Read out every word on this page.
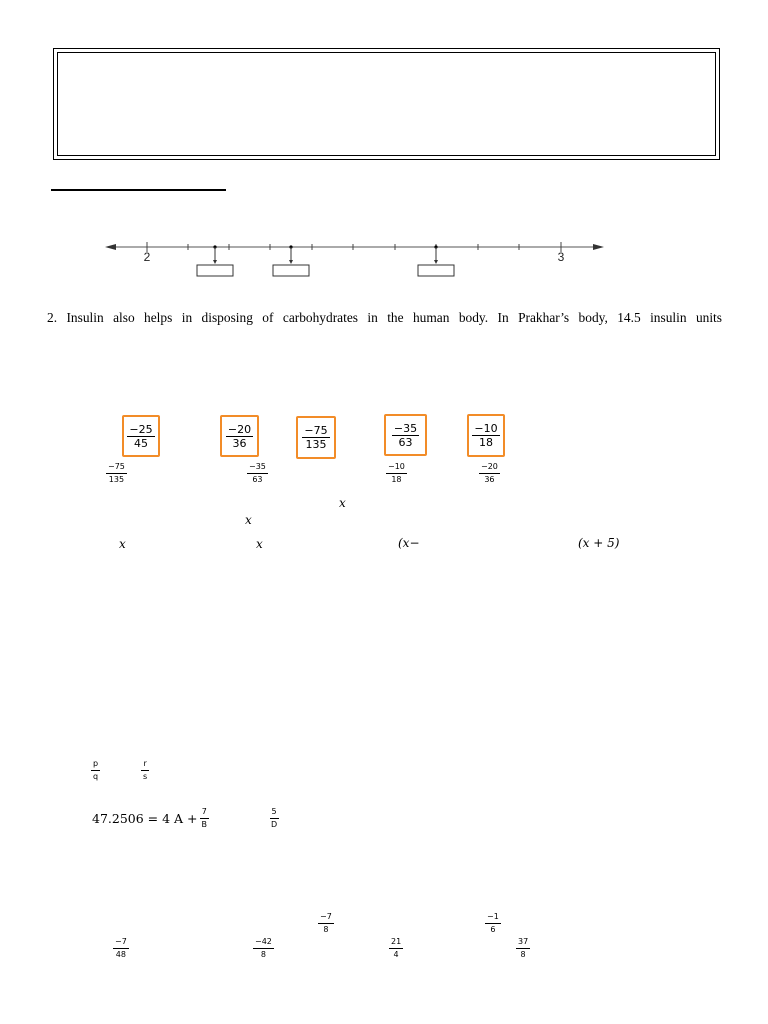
2	3
2. Insulin also helps in disposing of carbohydrates in the human body. In Prakhar’s body, 14.5 insulin units
$\frac{-25}{45}$	$\frac{-20}{36}$	$\frac{-75}{135}$	$\frac{-35}{63}$	$\frac{-10}{18}$
$\frac{-75}{135}$	$\frac{-35}{63}$	$\frac{-10}{18}$	$\frac{-20}{36}$
x
x
x	x	(x−	(x + 5)
$\frac{p}{q}$	$\frac{r}{s}$
47.2506 = 4 $A + \frac{7}{B}$	$\frac{5}{D}$
$\frac{-7}{8}$	$\frac{-1}{6}$
$\frac{-7}{48}$	$\frac{-42}{8}$	$\frac{21}{4}$	$\frac{37}{8}$
